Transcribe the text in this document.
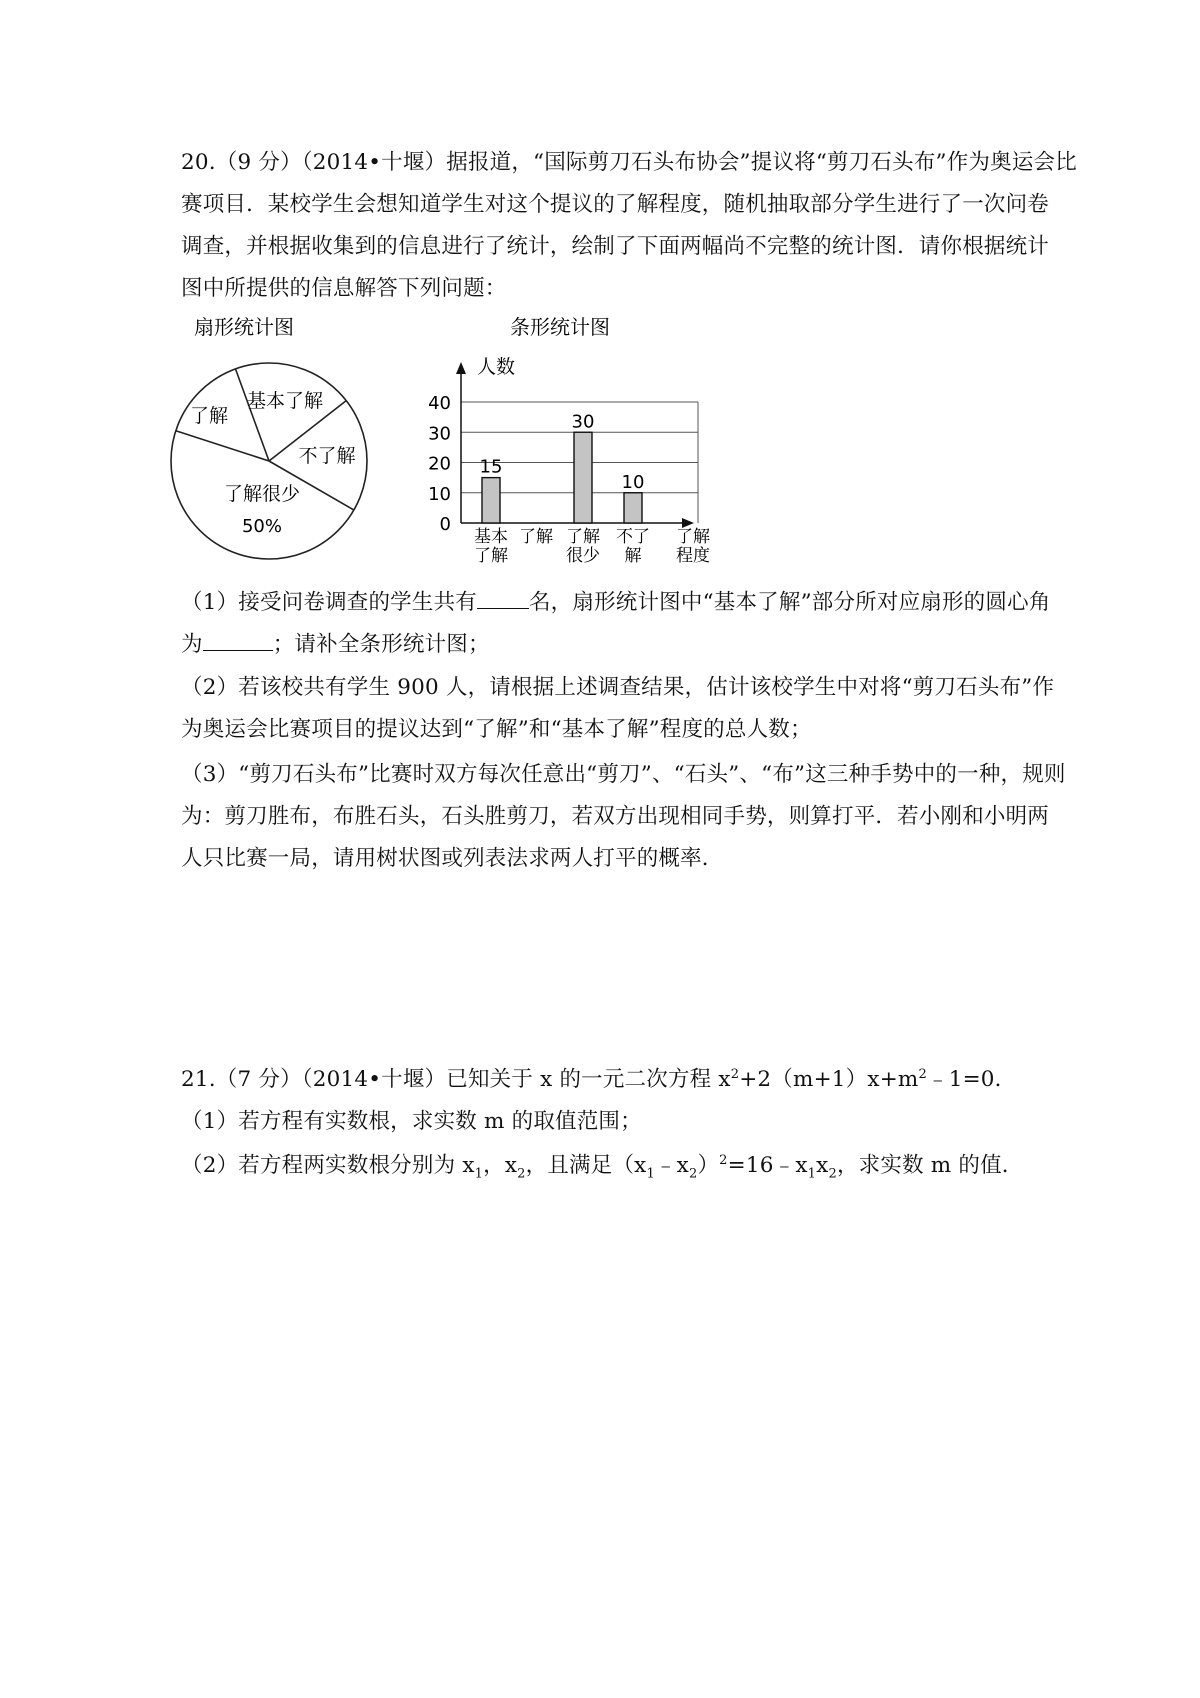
20.（9 分）（2014•十堰）据报道，“国际剪刀石头布协会”提议将“剪刀石头布”作为奥运会比
赛项目．某校学生会想知道学生对这个提议的了解程度，随机抽取部分学生进行了一次问卷
调查，并根据收集到的信息进行了统计，绘制了下面两幅尚不完整的统计图．请你根据统计
图中所提供的信息解答下列问题：
扇形统计图
基本了解
不了解
了解很少
50%
了解
条形统计图
0
10
20
30
40
人数
了解
程度
15
基本
了解
了解
30
了解
很少
10
不了
解
（1）接受问卷调查的学生共有 名，扇形统计图中“基本了解”部分所对应扇形的圆心角
为	；请补全条形统计图；
（2）若该校共有学生 900 人，请根据上述调查结果，估计该校学生中对将“剪刀石头布”作
为奥运会比赛项目的提议达到“了解”和“基本了解”程度的总人数；
（3）“剪刀石头布”比赛时双方每次任意出“剪刀”、“石头”、“布”这三种手势中的一种，规则
为：剪刀胜布，布胜石头，石头胜剪刀，若双方出现相同手势，则算打平．若小刚和小明两
人只比赛一局，请用树状图或列表法求两人打平的概率．
21.（7 分）（2014•十堰）已知关于 x 的一元二次方程 $x^2+2(m+1)x+m^2﹣1=0$．
（1）若方程有实数根，求实数 m 的取值范围；
（2）若方程两实数根分别为 $x_1$，$x_2$，且满足$(x_1﹣x_2)^2=16﹣x_1x_2$，求实数 m 的值．
